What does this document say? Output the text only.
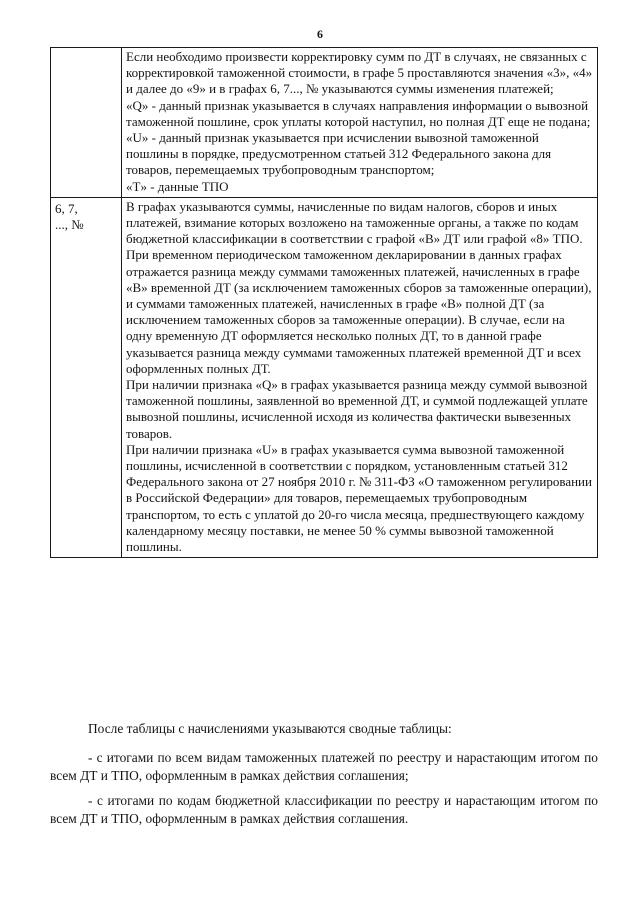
6

	Если необходимо произвести корректировку сумм по ДТ в случаях, не связанных с корректировкой таможенной стоимости, в графе 5 проставляются значения «3», «4» и далее до «9» и в графах 6, 7..., № указываются суммы изменения платежей;
«Q» - данный признак указывается в случаях направления информации о вывозной таможенной пошлине, срок уплаты которой наступил, но полная ДТ еще не подана;
«U» - данный признак указывается при исчислении вывозной таможенной пошлины в порядке, предусмотренном статьей 312 Федерального закона для товаров, перемещаемых трубопроводным транспортом;
«T» - данные ТПО

6, 7,
..., №	В графах указываются суммы, начисленные по видам налогов, сборов и иных платежей, взимание которых возложено на таможенные органы, а также по кодам бюджетной классификации в соответствии с графой «В» ДТ или графой «8» ТПО.
При временном периодическом таможенном декларировании в данных графах отражается разница между суммами таможенных платежей, начисленных в графе «В» временной ДТ (за исключением таможенных сборов за таможенные операции), и суммами таможенных платежей, начисленных в графе «В» полной ДТ (за исключением таможенных сборов за таможенные операции). В случае, если на одну временную ДТ оформляется несколько полных ДТ, то в данной графе указывается разница между суммами таможенных платежей временной ДТ и всех оформленных полных ДТ.
При наличии признака «Q» в графах указывается разница между суммой вывозной таможенной пошлины, заявленной во временной ДТ, и суммой подлежащей уплате вывозной пошлины, исчисленной исходя из количества фактически вывезенных товаров.
При наличии признака «U» в графах указывается сумма вывозной таможенной пошлины, исчисленной в соответствии с порядком, установленным статьей 312 Федерального закона от 27 ноября 2010 г. № 311-ФЗ «О таможенном регулировании в Российской Федерации» для товаров, перемещаемых трубопроводным транспортом, то есть с уплатой до 20-го числа месяца, предшествующего каждому календарному месяцу поставки, не менее 50 % суммы вывозной таможенной пошлины.

После таблицы с начислениями указываются сводные таблицы:

- с итогами по всем видам таможенных платежей по реестру и нарастающим итогом по всем ДТ и ТПО, оформленным в рамках действия соглашения;

- с итогами по кодам бюджетной классификации по реестру и нарастающим итогом по всем ДТ и ТПО, оформленным в рамках действия соглашения.
